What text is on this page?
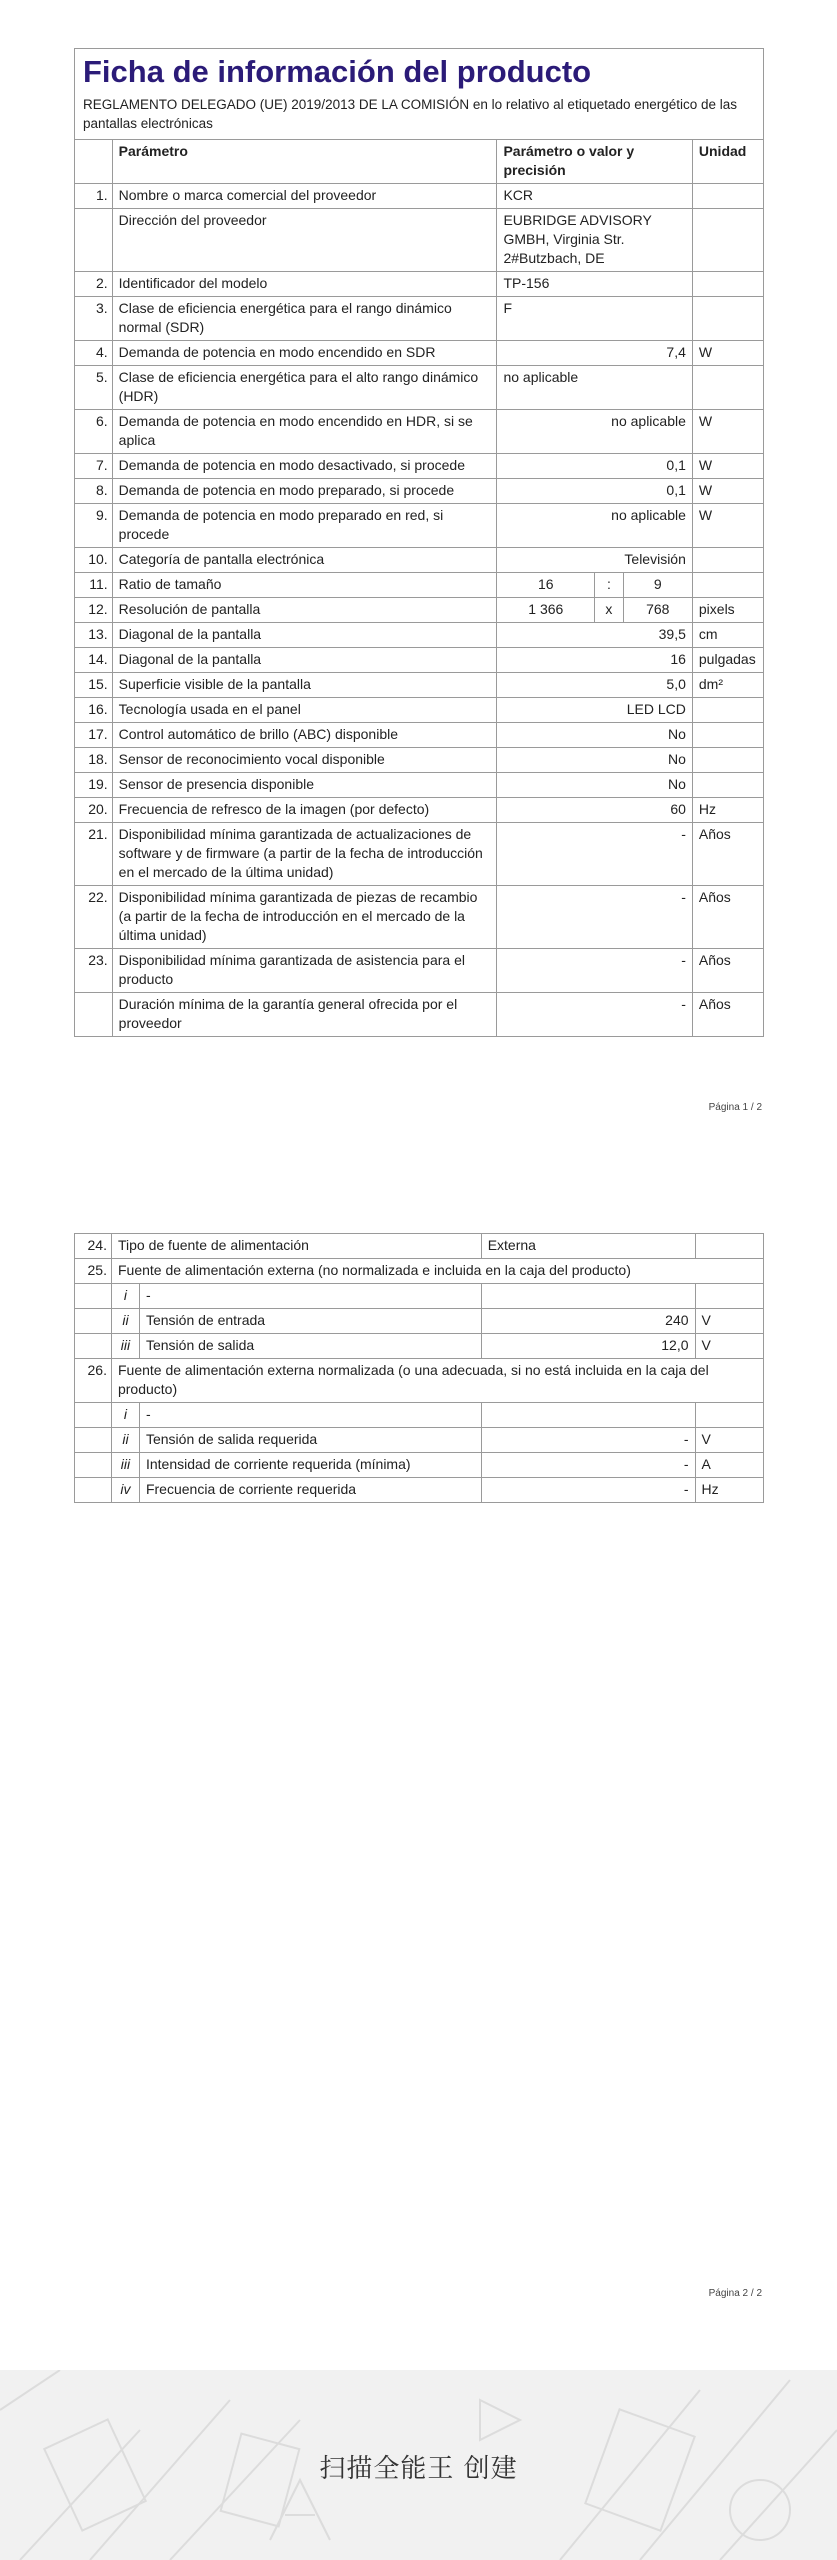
Ficha de información del producto
REGLAMENTO DELEGADO (UE) 2019/2013 DE LA COMISIÓN en lo relativo al etiquetado energético de las pantallas electrónicas
	Parámetro	Parámetro o valor y precisión			Unidad
1.	Nombre o marca comercial del proveedor	KCR			
	Dirección del proveedor	EUBRIDGE ADVISORY GMBH, Virginia Str. 2#Butzbach, DE			
2.	Identificador del modelo	TP-156			
3.	Clase de eficiencia energética para el rango dinámico normal (SDR)	F			
4.	Demanda de potencia en modo encendido en SDR	7,4			W
5.	Clase de eficiencia energética para el alto rango dinámico (HDR)	no aplicable			
6.	Demanda de potencia en modo encendido en HDR, si se aplica	no aplicable			W
7.	Demanda de potencia en modo desactivado, si procede	0,1			W
8.	Demanda de potencia en modo preparado, si procede	0,1			W
9.	Demanda de potencia en modo preparado en red, si procede	no aplicable			W
10.	Categoría de pantalla electrónica	Televisión			
11.	Ratio de tamaño	16	:	9	
12.	Resolución de pantalla	1 366	x	768	pixels
13.	Diagonal de la pantalla	39,5			cm
14.	Diagonal de la pantalla	16			pulgadas
15.	Superficie visible de la pantalla	5,0			dm²
16.	Tecnología usada en el panel	LED LCD			
17.	Control automático de brillo (ABC) disponible	No			
18.	Sensor de reconocimiento vocal disponible	No			
19.	Sensor de presencia disponible	No			
20.	Frecuencia de refresco de la imagen (por defecto)	60			Hz
21.	Disponibilidad mínima garantizada de actualizaciones de software y de firmware (a partir de la fecha de introducción en el mercado de la última unidad)	-			Años
22.	Disponibilidad mínima garantizada de piezas de recambio (a partir de la fecha de introducción en el mercado de la última unidad)	-			Años
23.	Disponibilidad mínima garantizada de asistencia para el producto	-			Años
	Duración mínima de la garantía general ofrecida por el proveedor	-			Años
Página 1 / 2
Página 2 / 2
24.	Tipo de fuente de alimentación		Externa	
25.	Fuente de alimentación externa (no normalizada e incluida en la caja del producto)			
	i	-		
	ii	Tensión de entrada	240	V
	iii	Tensión de salida	12,0	V
26.	Fuente de alimentación externa normalizada (o una adecuada, si no está incluida en la caja del producto)			
	i	-		
	ii	Tensión de salida requerida	-	V
	iii	Intensidad de corriente requerida (mínima)	-	A
	iv	Frecuencia de corriente requerida	-	Hz
扫描全能王 创建
